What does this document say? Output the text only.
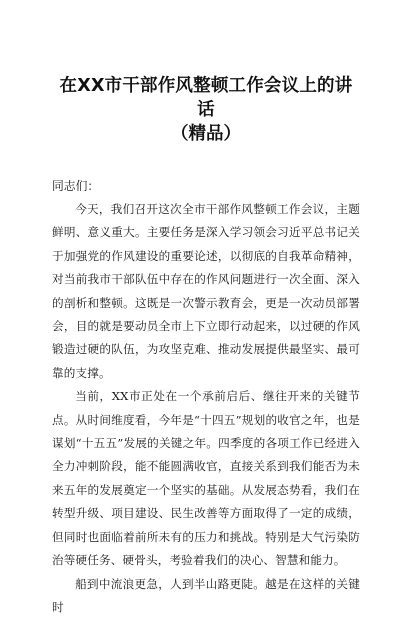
在XX市干部作风整顿工作会议上的讲话
（精品）

同志们：

今天，我们召开这次全市干部作风整顿工作会议，主题鲜明、意义重大。主要任务是深入学习领会习近平总书记关于加强党的作风建设的重要论述，以彻底的自我革命精神，对当前我市干部队伍中存在的作风问题进行一次全面、深入的剖析和整顿。这既是一次警示教育会，更是一次动员部署会，目的就是要动员全市上下立即行动起来，以过硬的作风锻造过硬的队伍，为攻坚克难、推动发展提供最坚实、最可靠的支撑。

当前，XX市正处在一个承前启后、继往开来的关键节点。从时间维度看，今年是“十四五”规划的收官之年，也是谋划“十五五”发展的关键之年。四季度的各项工作已经进入全力冲刺阶段，能不能圆满收官，直接关系到我们能否为未来五年的发展奠定一个坚实的基础。从发展态势看，我们在转型升级、项目建设、民生改善等方面取得了一定的成绩，但同时也面临着前所未有的压力和挑战。特别是大气污染防治等硬任务、硬骨头，考验着我们的决心、智慧和能力。

船到中流浪更急，人到半山路更陡。越是在这样的关键时
